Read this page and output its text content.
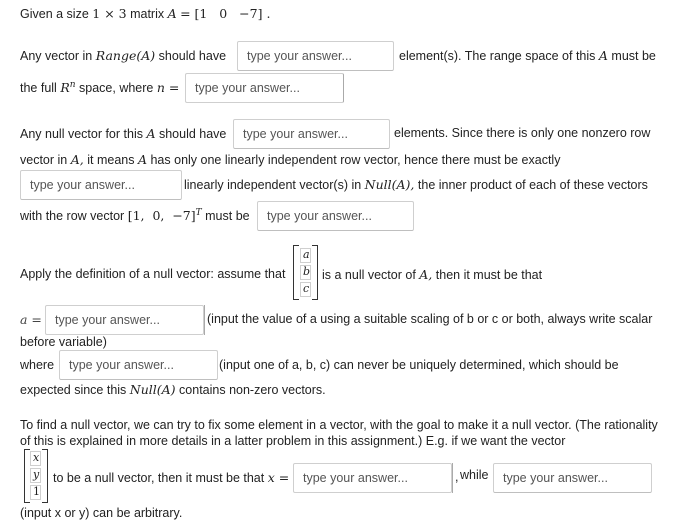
Given a size 1 × 3 matrix A = [1   0   −7] .
Any vector in Range(A) should have	type your answer...	element(s). The range space of this A must be
the full $R^n$ space, where n =	type your answer...
Any null vector for this A should have	type your answer...	elements. Since there is only one nonzero row
vector in A, it means A has only one linearly independent row vector, hence there must be exactly
type your answer...	linearly independent vector(s) in Null(A), the inner product of each of these vectors
with the row vector [1,  0,  −7]$^T$ must be	type your answer...
Apply the definition of a null vector: assume that
a
b
c
is a null vector of A, then it must be that
a =	type your answer...	(input the value of a using a suitable scaling of b or c or both, always write scalar
before variable)
where	type your answer...	(input one of a, b, c) can never be uniquely determined, which should be
expected since this Null(A) contains non-zero vectors.
To find a null vector, we can try to fix some element in a vector, with the goal to make it a null vector. (The rationality
of this is explained in more details in a latter problem in this assignment.) E.g. if we want the vector
x
y
1
to be a null vector, then it must be that x =	type your answer...	, while	type your answer...
(input x or y) can be arbitrary.
